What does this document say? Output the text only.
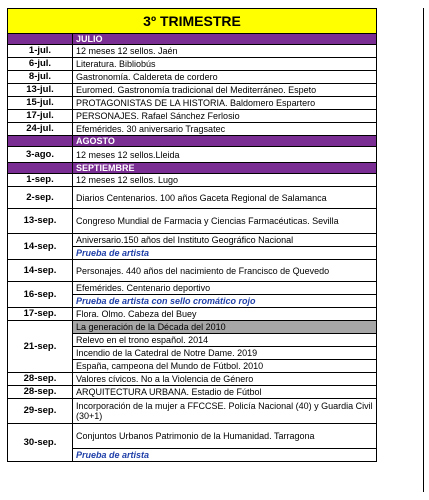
3º TRIMESTRE	
	JULIO
1-jul.	12 meses 12 sellos. Jaén
6-jul.	Literatura. Bibliobús
8-jul.	Gastronomía. Caldereta de cordero
13-jul.	Euromed. Gastronomía tradicional del Mediterráneo. Espeto
15-jul.	PROTAGONISTAS DE LA HISTORIA. Baldomero Espartero
17-jul.	PERSONAJES. Rafael Sánchez Ferlosio
24-jul.	Efemérides. 30 aniversario Tragsatec
	AGOSTO
3-ago.	12 meses 12 sellos.Lleida
	SEPTIEMBRE
1-sep.	12 meses 12 sellos. Lugo
2-sep.	Diarios Centenarios. 100 años Gaceta Regional de Salamanca
13-sep.	Congreso Mundial de Farmacia y Ciencias Farmacéuticas. Sevilla
14-sep.	Aniversario.150 años del Instituto Geográfico Nacional
	Prueba de artista
14-sep.	Personajes. 440 años del nacimiento de Francisco de Quevedo
16-sep.	Efemérides. Centenario deportivo
	Prueba de artista con sello cromático rojo
17-sep.	Flora. Olmo. Cabeza del Buey
21-sep.	La generación de la Década del 2010
	Relevo en el trono español. 2014
	Incendio de la Catedral de Notre Dame. 2019
	España, campeona del Mundo de Fútbol. 2010
28-sep.	Valores cívicos. No a la Violencia de Género
28-sep.	ARQUITECTURA URBANA. Estadio de Fútbol
29-sep.	Incorporación de la mujer a FFCCSE. Policía Nacional (40) y Guardia Civil (30+1)
30-sep.	Conjuntos Urbanos Patrimonio de la Humanidad. Tarragona
	Prueba de artista
